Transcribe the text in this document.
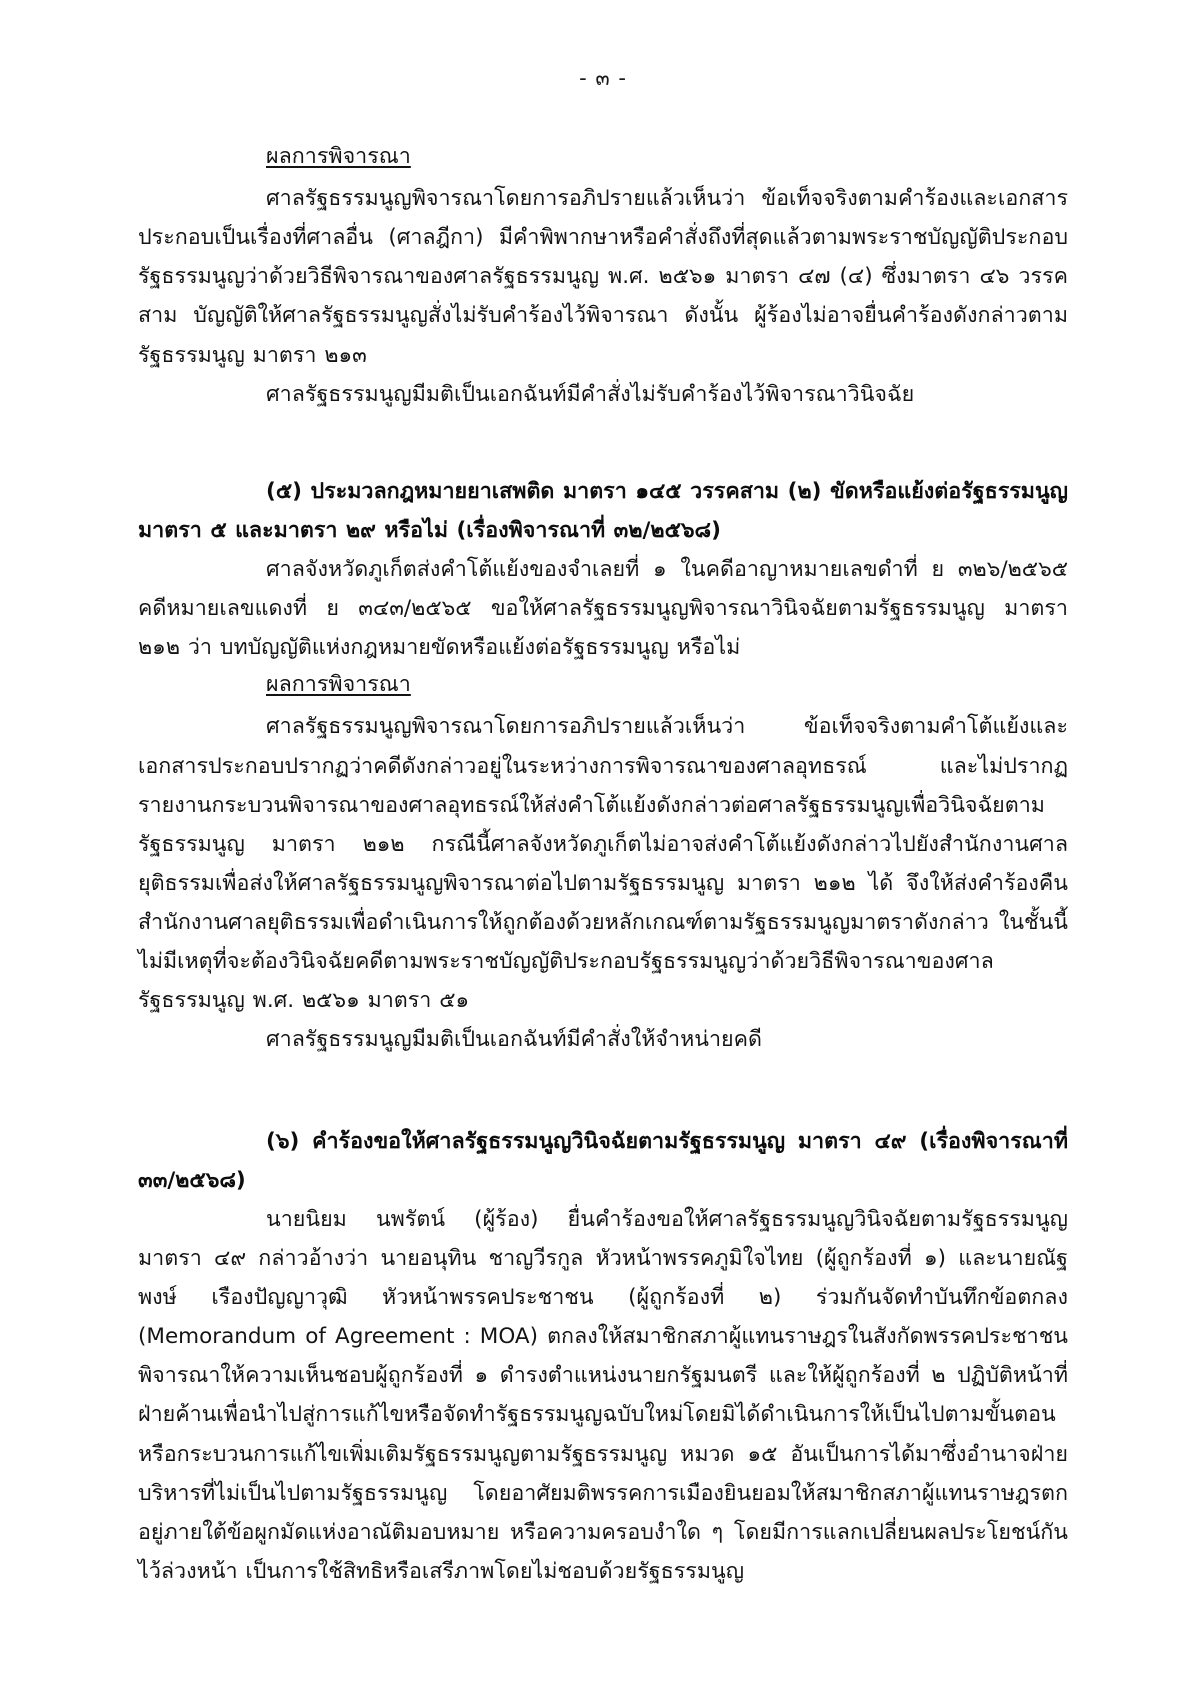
- ๓ -
ผลการพิจารณา

ศาลรัฐธรรมนูญพิจารณาโดยการอภิปรายแล้วเห็นว่า ข้อเท็จจริงตามคำร้องและเอกสารประกอบเป็นเรื่องที่ศาลอื่น (ศาลฎีกา) มีคำพิพากษาหรือคำสั่งถึงที่สุดแล้วตามพระราชบัญญัติประกอบรัฐธรรมนูญว่าด้วยวิธีพิจารณาของศาลรัฐธรรมนูญ พ.ศ. ๒๕๖๑ มาตรา ๔๗ (๔) ซึ่งมาตรา ๔๖ วรรคสาม บัญญัติให้ศาลรัฐธรรมนูญสั่งไม่รับคำร้องไว้พิจารณา ดังนั้น ผู้ร้องไม่อาจยื่นคำร้องดังกล่าวตามรัฐธรรมนูญ มาตรา ๒๑๓

ศาลรัฐธรรมนูญมีมติเป็นเอกฉันท์มีคำสั่งไม่รับคำร้องไว้พิจารณาวินิจฉัย

(๕) ประมวลกฎหมายยาเสพติด มาตรา ๑๔๕ วรรคสาม (๒) ขัดหรือแย้งต่อรัฐธรรมนูญ มาตรา ๕ และมาตรา ๒๙ หรือไม่ (เรื่องพิจารณาที่ ๓๒/๒๕๖๘)

ศาลจังหวัดภูเก็ตส่งคำโต้แย้งของจำเลยที่ ๑ ในคดีอาญาหมายเลขดำที่ ย ๓๒๖/๒๕๖๕ คดีหมายเลขแดงที่ ย ๓๔๓/๒๕๖๕ ขอให้ศาลรัฐธรรมนูญพิจารณาวินิจฉัยตามรัฐธรรมนูญ มาตรา ๒๑๒ ว่า บทบัญญัติแห่งกฎหมายขัดหรือแย้งต่อรัฐธรรมนูญ หรือไม่

ผลการพิจารณา

ศาลรัฐธรรมนูญพิจารณาโดยการอภิปรายแล้วเห็นว่า ข้อเท็จจริงตามคำโต้แย้งและเอกสารประกอบปรากฏว่าคดีดังกล่าวอยู่ในระหว่างการพิจารณาของศาลอุทธรณ์ และไม่ปรากฏรายงานกระบวนพิจารณาของศาลอุทธรณ์ให้ส่งคำโต้แย้งดังกล่าวต่อศาลรัฐธรรมนูญเพื่อวินิจฉัยตามรัฐธรรมนูญ มาตรา ๒๑๒ กรณีนี้ศาลจังหวัดภูเก็ตไม่อาจส่งคำโต้แย้งดังกล่าวไปยังสำนักงานศาลยุติธรรมเพื่อส่งให้ศาลรัฐธรรมนูญพิจารณาต่อไปตามรัฐธรรมนูญ มาตรา ๒๑๒ ได้ จึงให้ส่งคำร้องคืนสำนักงานศาลยุติธรรมเพื่อดำเนินการให้ถูกต้องด้วยหลักเกณฑ์ตามรัฐธรรมนูญมาตราดังกล่าว ในชั้นนี้ไม่มีเหตุที่จะต้องวินิจฉัยคดีตามพระราชบัญญัติประกอบรัฐธรรมนูญว่าด้วยวิธีพิจารณาของศาลรัฐธรรมนูญ พ.ศ. ๒๕๖๑ มาตรา ๕๑

ศาลรัฐธรรมนูญมีมติเป็นเอกฉันท์มีคำสั่งให้จำหน่ายคดี

(๖) คำร้องขอให้ศาลรัฐธรรมนูญวินิจฉัยตามรัฐธรรมนูญ มาตรา ๔๙ (เรื่องพิจารณาที่ ๓๓/๒๕๖๘)

นายนิยม นพรัตน์ (ผู้ร้อง) ยื่นคำร้องขอให้ศาลรัฐธรรมนูญวินิจฉัยตามรัฐธรรมนูญ มาตรา ๔๙ กล่าวอ้างว่า นายอนุทิน ชาญวีรกูล หัวหน้าพรรคภูมิใจไทย (ผู้ถูกร้องที่ ๑) และนายณัฐพงษ์ เรืองปัญญาวุฒิ หัวหน้าพรรคประชาชน (ผู้ถูกร้องที่ ๒) ร่วมกันจัดทำบันทึกข้อตกลง (Memorandum of Agreement : MOA) ตกลงให้สมาชิกสภาผู้แทนราษฎรในสังกัดพรรคประชาชนพิจารณาให้ความเห็นชอบผู้ถูกร้องที่ ๑ ดำรงตำแหน่งนายกรัฐมนตรี และให้ผู้ถูกร้องที่ ๒ ปฏิบัติหน้าที่ฝ่ายค้านเพื่อนำไปสู่การแก้ไขหรือจัดทำรัฐธรรมนูญฉบับใหม่โดยมิได้ดำเนินการให้เป็นไปตามขั้นตอนหรือกระบวนการแก้ไขเพิ่มเติมรัฐธรรมนูญตามรัฐธรรมนูญ หมวด ๑๕ อันเป็นการได้มาซึ่งอำนาจฝ่ายบริหารที่ไม่เป็นไปตามรัฐธรรมนูญ โดยอาศัยมติพรรคการเมืองยินยอมให้สมาชิกสภาผู้แทนราษฎรตกอยู่ภายใต้ข้อผูกมัดแห่งอาณัติมอบหมาย หรือความครอบงำใด ๆ โดยมีการแลกเปลี่ยนผลประโยชน์กันไว้ล่วงหน้า เป็นการใช้สิทธิหรือเสรีภาพโดยไม่ชอบด้วยรัฐธรรมนูญ
